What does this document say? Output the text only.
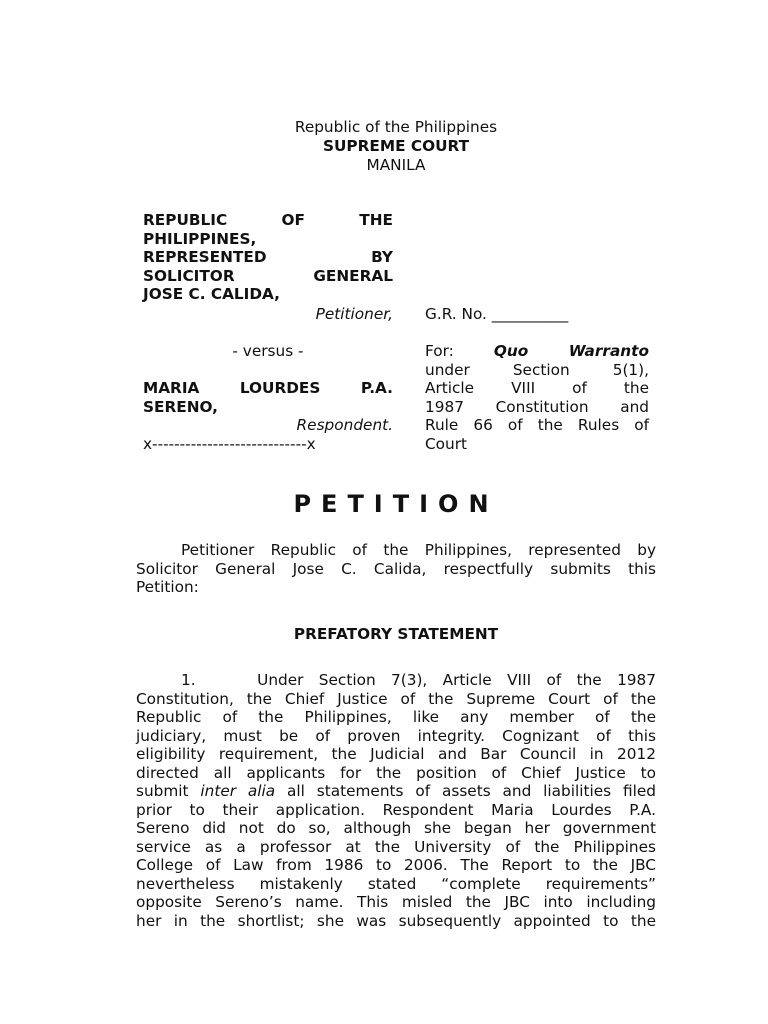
Republic of the Philippines
SUPREME COURT
MANILA
REPUBLIC OF THE
PHILIPPINES,
REPRESENTED BY
SOLICITOR GENERAL
JOSE C. CALIDA,
Petitioner,
- versus -
MARIA LOURDES P.A.
SERENO,
Respondent.
x----------------------------x
G.R. No. __________
For:	Quo Warranto
under Section 5(1),
Article VIII of the
1987 Constitution and
Rule 66 of the Rules of
Court
PETITION
Petitioner Republic of the Philippines, represented by
Solicitor General Jose C. Calida, respectfully submits this
Petition:
PREFATORY STATEMENT
1.	Under Section 7(3), Article VIII of the 1987
Constitution, the Chief Justice of the Supreme Court of the
Republic of the Philippines, like any member of the
judiciary, must be of proven integrity. Cognizant of this
eligibility requirement, the Judicial and Bar Council in 2012
directed all applicants for the position of Chief Justice to
submit inter alia all statements of assets and liabilities filed
prior to their application. Respondent Maria Lourdes P.A.
Sereno did not do so, although she began her government
service as a professor at the University of the Philippines
College of Law from 1986 to 2006. The Report to the JBC
nevertheless mistakenly stated “complete requirements”
opposite Sereno’s name. This misled the JBC into including
her in the shortlist; she was subsequently appointed to the
